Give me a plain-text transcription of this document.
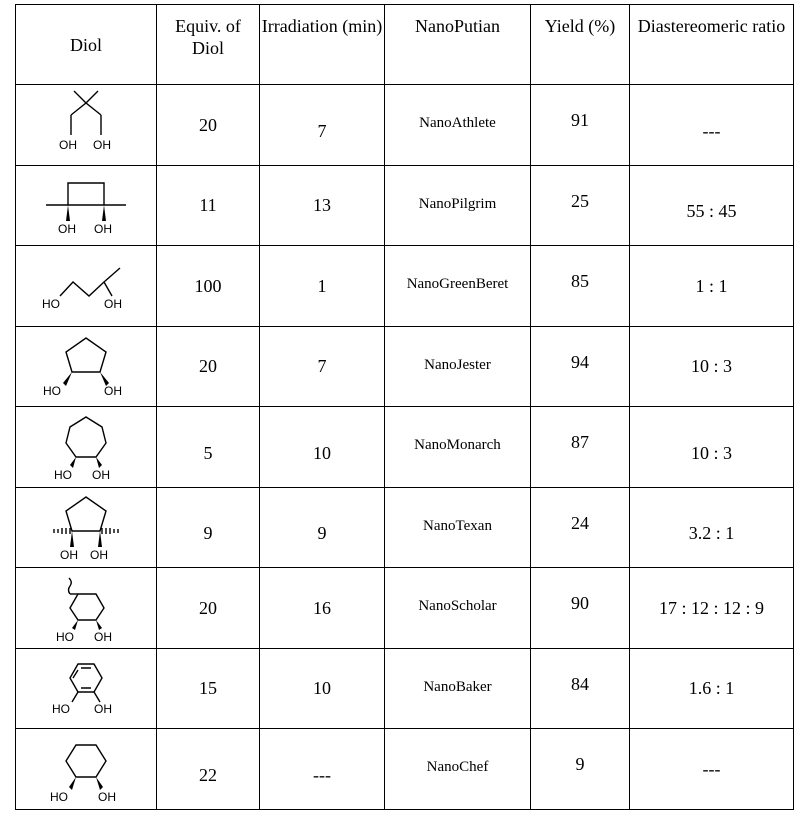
Diol	Equiv. of Diol	Irradiation (min)	NanoPutian	Yield (%)	Diastereomeric ratio

OH OH	20	7	NanoAthlete	91	---

OH OH	11	13	NanoPilgrim	25	55 : 45

HO OH	100	1	NanoGreenBeret	85	1 : 1

HO OH	20	7	NanoJester	94	10 : 3

HO OH	5	10	NanoMonarch	87	10 : 3

OH OH	9	9	NanoTexan	24	3.2 : 1

HO OH	20	16	NanoScholar	90	17 : 12 : 12 : 9

HO OH	15	10	NanoBaker	84	1.6 : 1

HO OH	22	---	NanoChef	9	---
